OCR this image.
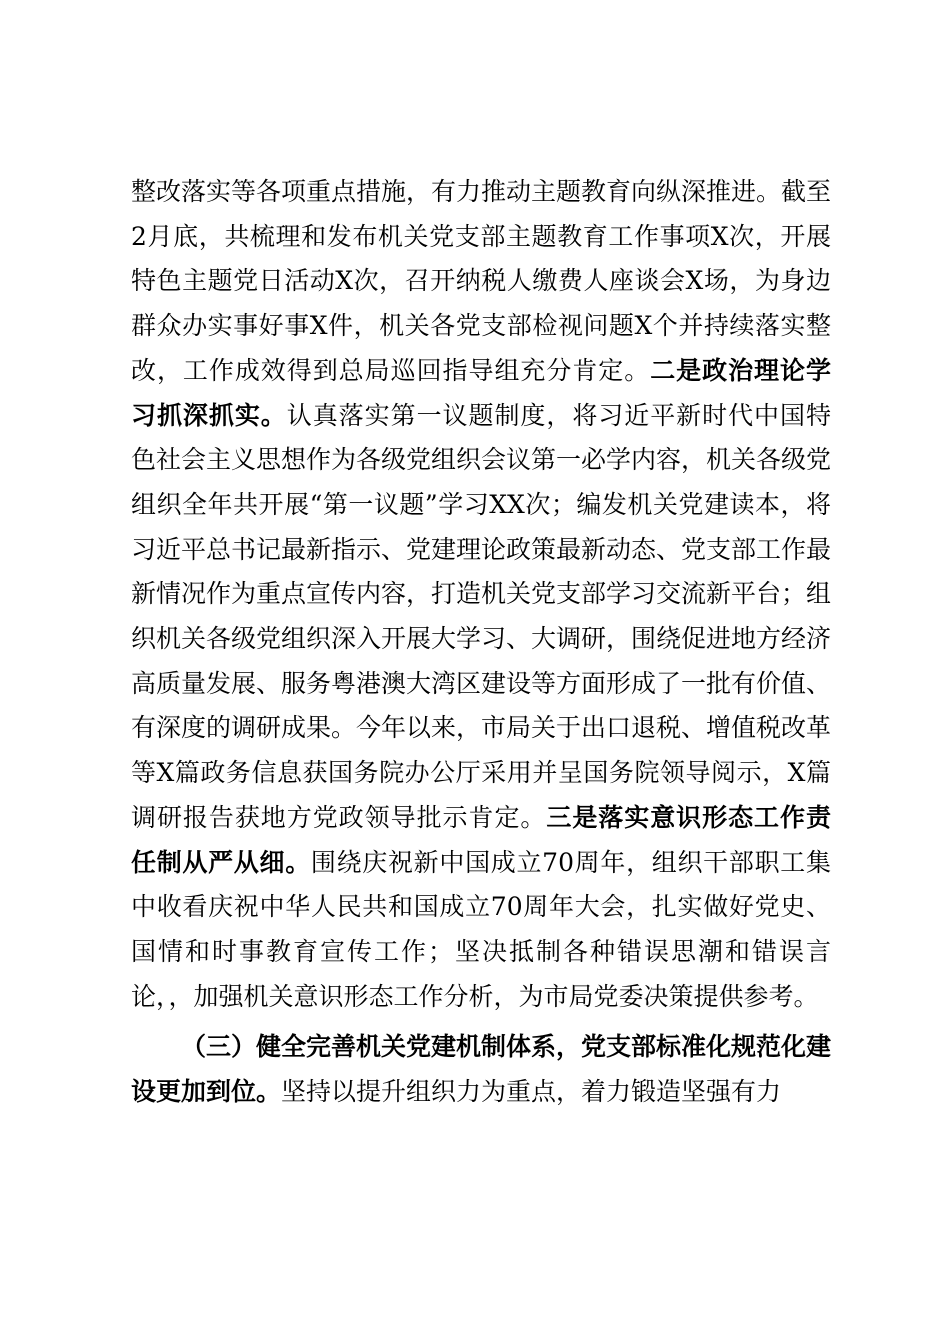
整改落实等各项重点措施，有力推动主题教育向纵深推进。截至2月底，共梳理和发布机关党支部主题教育工作事项X次，开展特色主题党日活动X次，召开纳税人缴费人座谈会X场，为身边群众办实事好事X件，机关各党支部检视问题X个并持续落实整改，工作成效得到总局巡回指导组充分肯定。二是政治理论学习抓深抓实。认真落实第一议题制度，将习近平新时代中国特色社会主义思想作为各级党组织会议第一必学内容，机关各级党组织全年共开展“第一议题”学习XX次；编发机关党建读本，将习近平总书记最新指示、党建理论政策最新动态、党支部工作最新情况作为重点宣传内容，打造机关党支部学习交流新平台；组织机关各级党组织深入开展大学习、大调研，围绕促进地方经济高质量发展、服务粤港澳大湾区建设等方面形成了一批有价值、有深度的调研成果。今年以来，市局关于出口退税、增值税改革等X篇政务信息获国务院办公厅采用并呈国务院领导阅示，X篇调研报告获地方党政领导批示肯定。三是落实意识形态工作责任制从严从细。围绕庆祝新中国成立70周年，组织干部职工集中收看庆祝中华人民共和国成立70周年大会，扎实做好党史、国情和时事教育宣传工作；坚决抵制各种错误思潮和错误言论，，加强机关意识形态工作分析，为市局党委决策提供参考。

（三）健全完善机关党建机制体系，党支部标准化规范化建设更加到位。坚持以提升组织力为重点，着力锻造坚强有力
